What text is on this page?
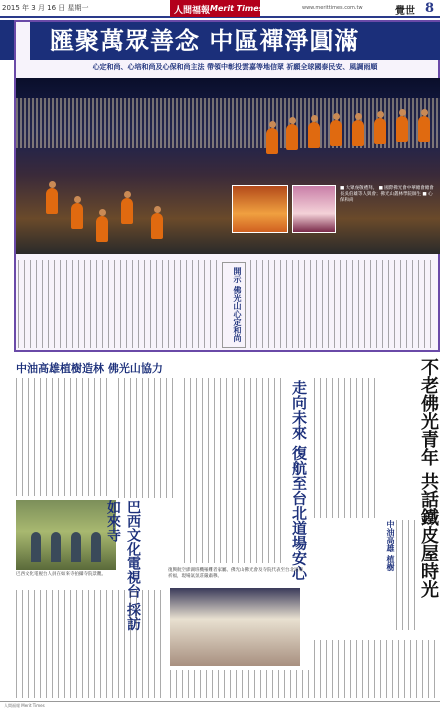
2015 年 3 月 16 日 星期一	人間福報 Merit Times	www.merittimes.com.tw	覺世 8
匯聚萬眾善念 中區禪淨圓滿
心定和尚、心培和尚及心保和尚主法 帶領中彰投雲嘉等地信眾 祈願全球國泰民安、風調雨順
■ 大眾虔敬禮拜。 ■ 國際佛光會中華總會總會長吳伯雄等人與會；佛光山叢林學院師生 ■ 心保和尚
開示 佛光山心定和尚
中油高雄植樹造林 佛光山協力
走向未來 復航至台北道場安心	中油高雄 植樹 不老佛光青年 共話鐵皮屋時光
巴西文化電視台人員在如來寺拍攝寺院景觀。	巴西文化電視台 採訪如來寺
復興航空澎湖班機罹難者家屬、佛光山佛光會及寺院代表至台北道場祈福，現場氣氛莊嚴肅穆。
人間福報 Merit Times
